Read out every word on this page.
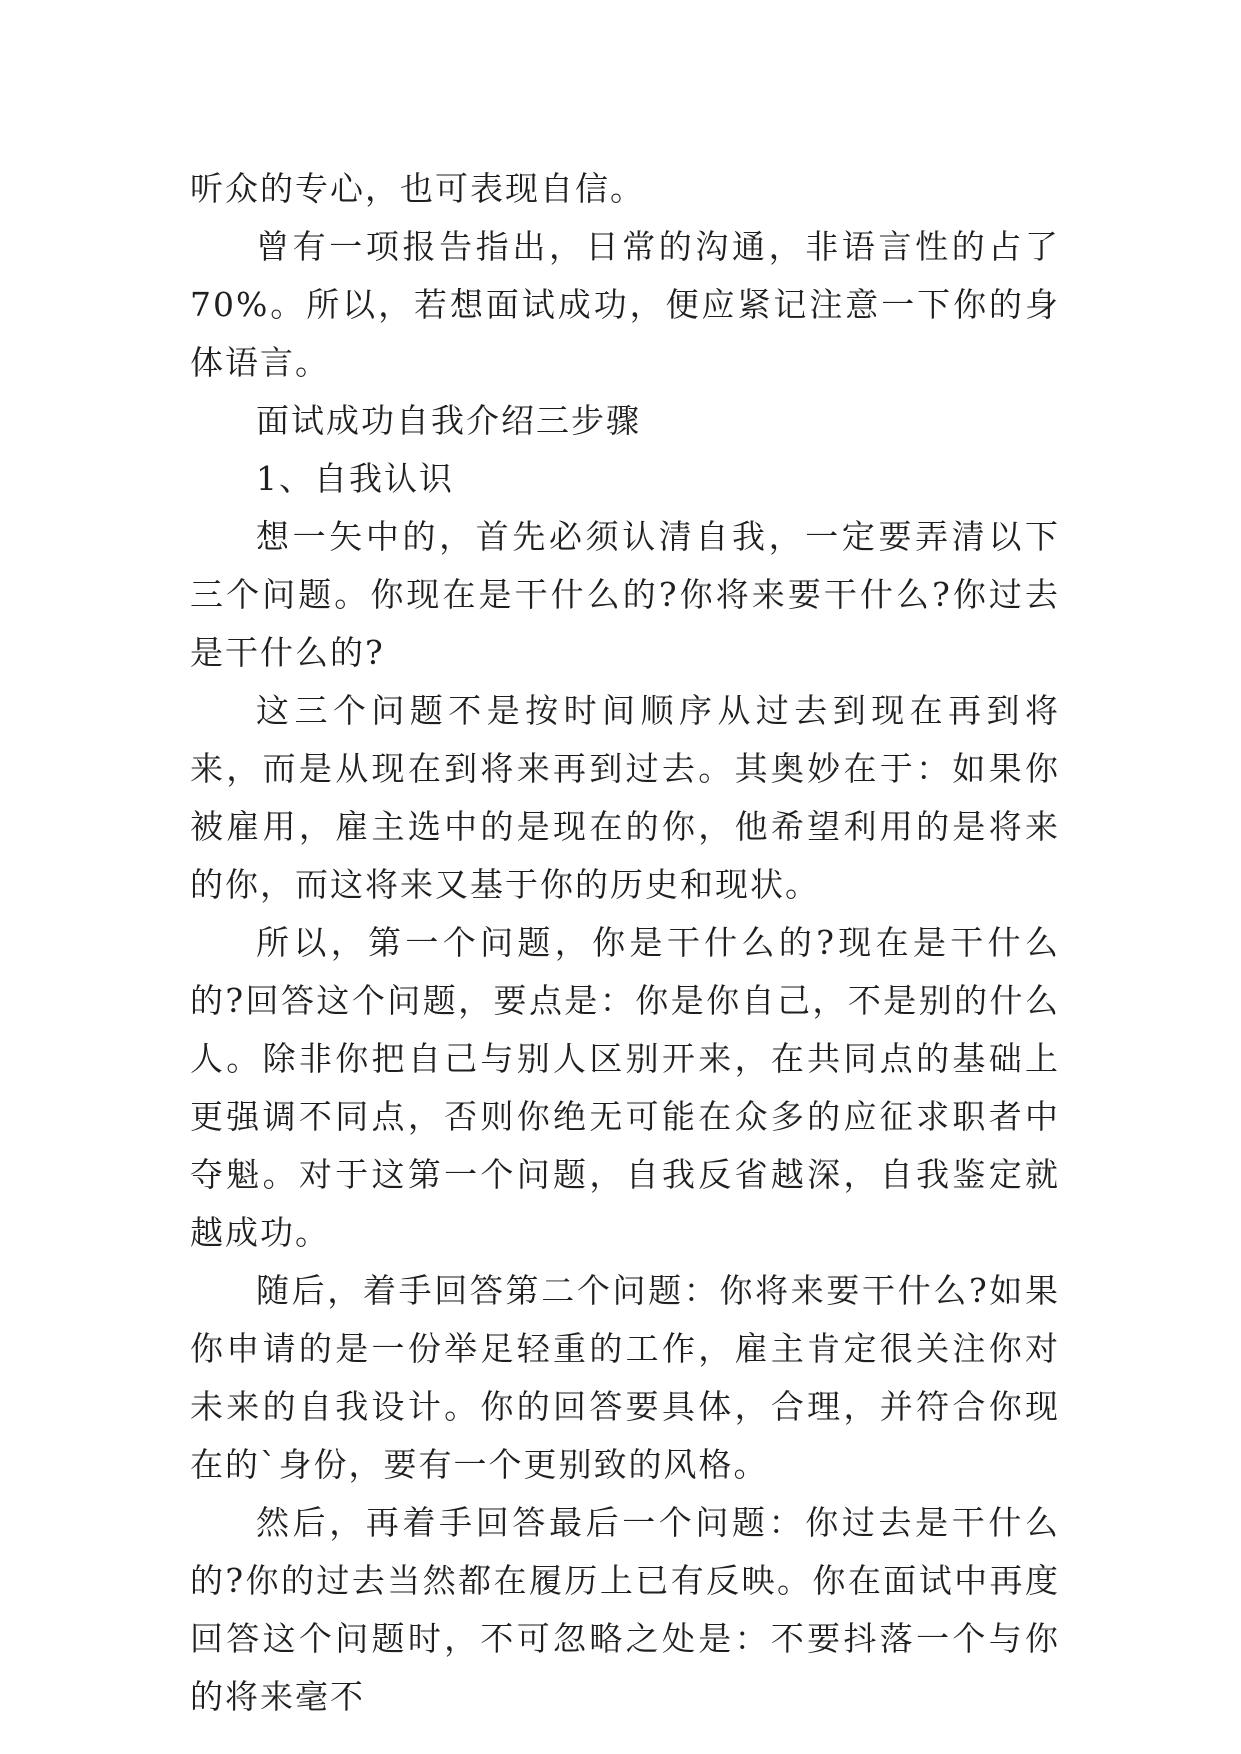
听众的专心，也可表现自信。

曾有一项报告指出，日常的沟通，非语言性的占了70%。所以，若想面试成功，便应紧记注意一下你的身体语言。

面试成功自我介绍三步骤

1、自我认识

想一矢中的，首先必须认清自我，一定要弄清以下三个问题。你现在是干什么的?你将来要干什么?你过去是干什么的?

这三个问题不是按时间顺序从过去到现在再到将来，而是从现在到将来再到过去。其奥妙在于：如果你被雇用，雇主选中的是现在的你，他希望利用的是将来的你，而这将来又基于你的历史和现状。

所以，第一个问题，你是干什么的?现在是干什么的?回答这个问题，要点是：你是你自己，不是别的什么人。除非你把自己与别人区别开来，在共同点的基础上更强调不同点，否则你绝无可能在众多的应征求职者中夺魁。对于这第一个问题，自我反省越深，自我鉴定就越成功。

随后，着手回答第二个问题：你将来要干什么?如果你申请的是一份举足轻重的工作，雇主肯定很关注你对未来的自我设计。你的回答要具体，合理，并符合你现在的`身份，要有一个更别致的风格。

然后，再着手回答最后一个问题：你过去是干什么的?你的过去当然都在履历上已有反映。你在面试中再度回答这个问题时，不可忽略之处是：不要抖落一个与你的将来毫不
